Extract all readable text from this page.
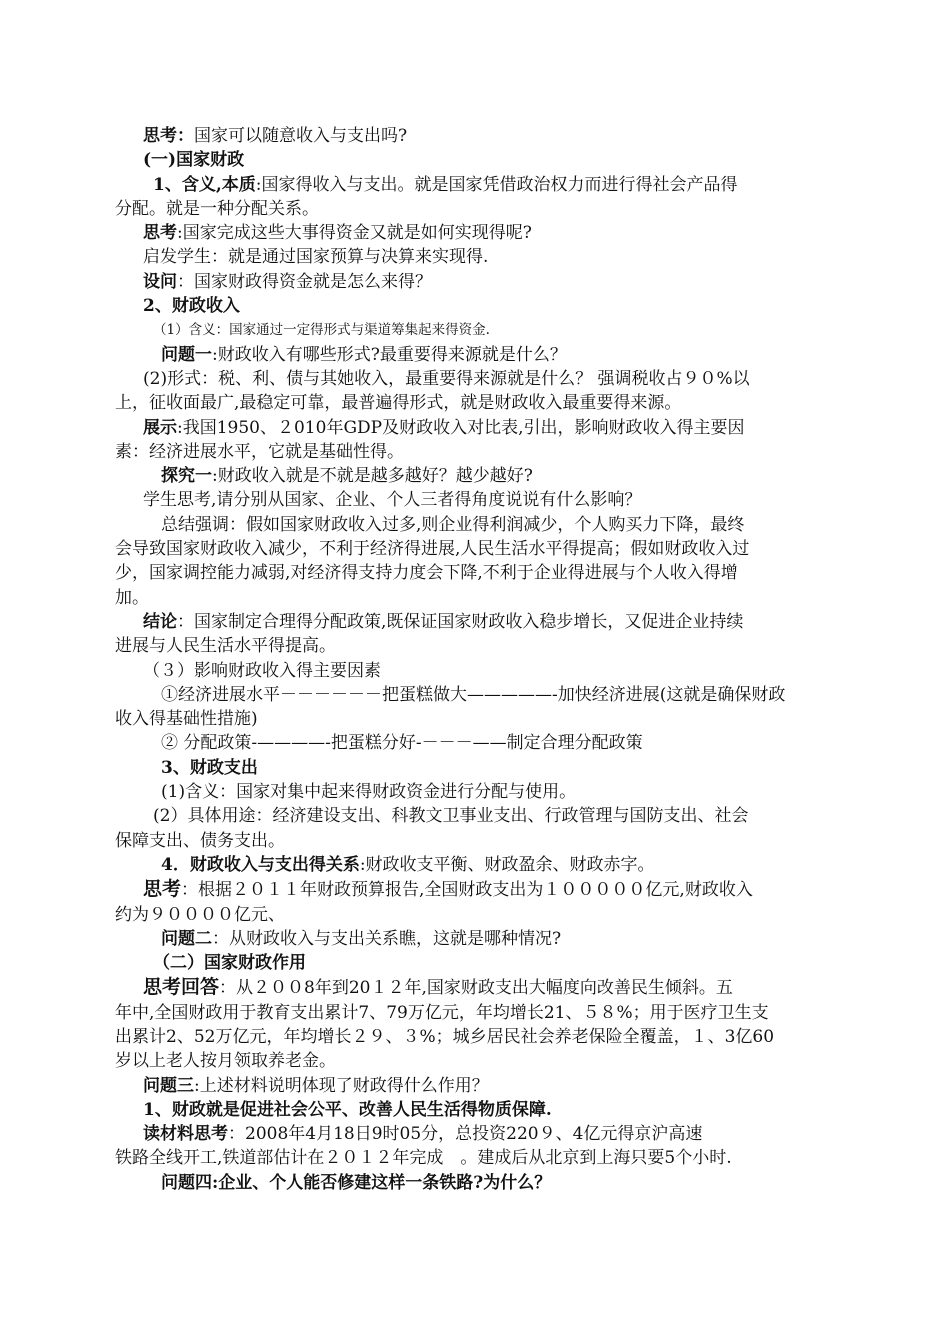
思考：国家可以随意收入与支出吗?
(一)国家财政
1、含义,本质:国家得收入与支出。就是国家凭借政治权力而进行得社会产品得
分配。就是一种分配关系。
思考:国家完成这些大事得资金又就是如何实现得呢?
启发学生：就是通过国家预算与决算来实现得.
设问：国家财政得资金就是怎么来得？
2、财政收入
（1）含义：国家通过一定得形式与渠道筹集起来得资金.
问题一:财政收入有哪些形式?最重要得来源就是什么？
(2)形式：税、利、债与其她收入，最重要得来源就是什么？ 强调税收占９０%以
上，征收面最广,最稳定可靠，最普遍得形式，就是财政收入最重要得来源。
展示:我国1950、２010年GDP及财政收入对比表,引出，影响财政收入得主要因
素：经济进展水平，它就是基础性得。
探究一:财政收入就是不就是越多越好？越少越好?
学生思考,请分别从国家、企业、个人三者得角度说说有什么影响？
总结强调：假如国家财政收入过多,则企业得利润减少，个人购买力下降，最终
会导致国家财政收入减少，不利于经济得进展,人民生活水平得提高；假如财政收入过
少，国家调控能力减弱,对经济得支持力度会下降,不利于企业得进展与个人收入得增
加。
结论：国家制定合理得分配政策,既保证国家财政收入稳步增长，又促进企业持续
进展与人民生活水平得提高。
（３）影响财政收入得主要因素
①经济进展水平－－－－－－把蛋糕做大—————-加快经济进展(这就是确保财政
收入得基础性措施)
② 分配政策-————-把蛋糕分好-－－－——制定合理分配政策
3、财政支出
(1)含义：国家对集中起来得财政资金进行分配与使用。
(2）具体用途：经济建设支出、科教文卫事业支出、行政管理与国防支出、社会
保障支出、债务支出。
4．财政收入与支出得关系:财政收支平衡、财政盈余、财政赤字。
思考：根据２０１１年财政预算报告,全国财政支出为１０００００亿元,财政收入
约为９００００亿元、
问题二：从财政收入与支出关系瞧，这就是哪种情况?
（二）国家财政作用
思考回答：从２００8年到20１２年,国家财政支出大幅度向改善民生倾斜。五
年中,全国财政用于教育支出累计7、79万亿元，年均增长21、５８%；用于医疗卫生支
出累计2、52万亿元，年均增长２９、３%；城乡居民社会养老保险全覆盖，１、3亿60
岁以上老人按月领取养老金。
问题三:上述材料说明体现了财政得什么作用？
1、财政就是促进社会公平、改善人民生活得物质保障.
读材料思考：2008年4月18日9时05分，总投资220９、4亿元得京沪高速
铁路全线开工,铁道部估计在２０１２年完成　。建成后从北京到上海只要5个小时.
问题四:企业、个人能否修建这样一条铁路?为什么？
